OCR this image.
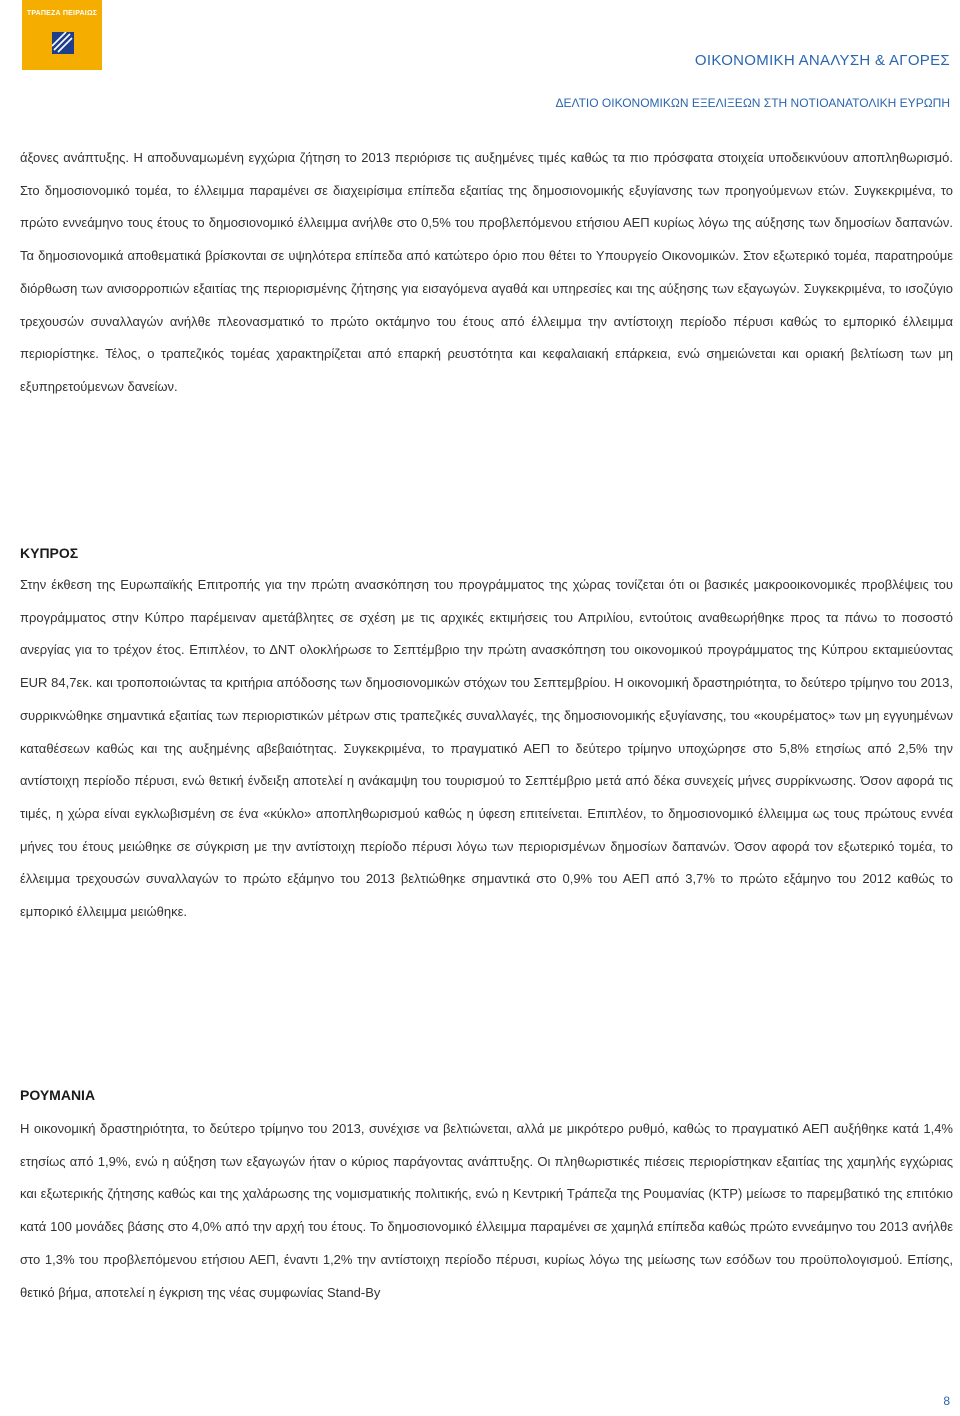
ΤΡΑΠΕΖΑ ΠΕΙΡΑΙΩΣ
ΟΙΚΟΝΟΜΙΚΗ ΑΝΑΛΥΣΗ & ΑΓΟΡΕΣ
ΔΕΛΤΙΟ ΟΙΚΟΝΟΜΙΚΩΝ ΕΞΕΛΙΞΕΩΝ ΣΤΗ ΝΟΤΙΟΑΝΑΤΟΛΙΚΗ ΕΥΡΩΠΗ

άξονες ανάπτυξης. Η αποδυναμωμένη εγχώρια ζήτηση το 2013 περιόρισε τις αυξημένες τιμές καθώς τα πιο πρόσφατα στοιχεία υποδεικνύουν αποπληθωρισμό. Στο δημοσιονομικό τομέα, το έλλειμμα παραμένει σε διαχειρίσιμα επίπεδα εξαιτίας της δημοσιονομικής εξυγίανσης των προηγούμενων ετών. Συγκεκριμένα, το πρώτο εννεάμηνο τους έτους το δημοσιονομικό έλλειμμα ανήλθε στο 0,5% του προβλεπόμενου ετήσιου ΑΕΠ κυρίως λόγω της αύξησης των δημοσίων δαπανών. Τα δημοσιονομικά αποθεματικά βρίσκονται σε υψηλότερα επίπεδα από κατώτερο όριο που θέτει το Υπουργείο Οικονομικών. Στον εξωτερικό τομέα, παρατηρούμε διόρθωση των ανισορροπιών εξαιτίας της περιορισμένης ζήτησης για εισαγόμενα αγαθά και υπηρεσίες και της αύξησης των εξαγωγών. Συγκεκριμένα, το ισοζύγιο τρεχουσών συναλλαγών ανήλθε πλεονασματικό το πρώτο οκτάμηνο του έτους από έλλειμμα την αντίστοιχη περίοδο πέρυσι καθώς το εμπορικό έλλειμμα περιορίστηκε. Τέλος, ο τραπεζικός τομέας χαρακτηρίζεται από επαρκή ρευστότητα και κεφαλαιακή επάρκεια, ενώ σημειώνεται και οριακή βελτίωση των μη εξυπηρετούμενων δανείων.

ΚΥΠΡΟΣ

Στην έκθεση της Ευρωπαϊκής Επιτροπής για την πρώτη ανασκόπηση του προγράμματος της χώρας τονίζεται ότι οι βασικές μακροοικονομικές προβλέψεις του προγράμματος στην Κύπρο παρέμειναν αμετάβλητες σε σχέση με τις αρχικές εκτιμήσεις του Απριλίου, εντούτοις αναθεωρήθηκε προς τα πάνω το ποσοστό ανεργίας για το τρέχον έτος. Επιπλέον, το ΔΝΤ ολοκλήρωσε το Σεπτέμβριο την πρώτη ανασκόπηση του οικονομικού προγράμματος της Κύπρου εκταμιεύοντας EUR 84,7εκ. και τροποποιώντας τα κριτήρια απόδοσης των δημοσιονομικών στόχων του Σεπτεμβρίου. Η οικονομική δραστηριότητα, το δεύτερο τρίμηνο του 2013, συρρικνώθηκε σημαντικά εξαιτίας των περιοριστικών μέτρων στις τραπεζικές συναλλαγές, της δημοσιονομικής εξυγίανσης, του «κουρέματος» των μη εγγυημένων καταθέσεων καθώς και της αυξημένης αβεβαιότητας. Συγκεκριμένα, το πραγματικό ΑΕΠ το δεύτερο τρίμηνο υποχώρησε στο 5,8% ετησίως από 2,5% την αντίστοιχη περίοδο πέρυσι, ενώ θετική ένδειξη αποτελεί η ανάκαμψη του τουρισμού το Σεπτέμβριο μετά από δέκα συνεχείς μήνες συρρίκνωσης. Όσον αφορά τις τιμές, η χώρα είναι εγκλωβισμένη σε ένα «κύκλο» αποπληθωρισμού καθώς η ύφεση επιτείνεται. Επιπλέον, το δημοσιονομικό έλλειμμα ως τους πρώτους εννέα μήνες του έτους μειώθηκε σε σύγκριση με την αντίστοιχη περίοδο πέρυσι λόγω των περιορισμένων δημοσίων δαπανών. Όσον αφορά τον εξωτερικό τομέα, το έλλειμμα τρεχουσών συναλλαγών το πρώτο εξάμηνο του 2013 βελτιώθηκε σημαντικά στο 0,9% του ΑΕΠ από 3,7% το πρώτο εξάμηνο του 2012 καθώς το εμπορικό έλλειμμα μειώθηκε.

ΡΟΥΜΑΝΙΑ

Η οικονομική δραστηριότητα, το δεύτερο τρίμηνο του 2013, συνέχισε να βελτιώνεται, αλλά με μικρότερο ρυθμό, καθώς το πραγματικό ΑΕΠ αυξήθηκε κατά 1,4% ετησίως από 1,9%, ενώ η αύξηση των εξαγωγών ήταν ο κύριος παράγοντας ανάπτυξης. Οι πληθωριστικές πιέσεις περιορίστηκαν εξαιτίας της χαμηλής εγχώριας και εξωτερικής ζήτησης καθώς και της χαλάρωσης της νομισματικής πολιτικής, ενώ η Κεντρική Τράπεζα της Ρουμανίας (ΚΤΡ) μείωσε το παρεμβατικό της επιτόκιο κατά 100 μονάδες βάσης στο 4,0% από την αρχή του έτους. Το δημοσιονομικό έλλειμμα παραμένει σε χαμηλά επίπεδα καθώς πρώτο εννεάμηνο του 2013 ανήλθε στο 1,3% του προβλεπόμενου ετήσιου ΑΕΠ, έναντι 1,2% την αντίστοιχη περίοδο πέρυσι, κυρίως λόγω της μείωσης των εσόδων του προϋπολογισμού. Επίσης, θετικό βήμα, αποτελεί η έγκριση της νέας συμφωνίας Stand-By

8
